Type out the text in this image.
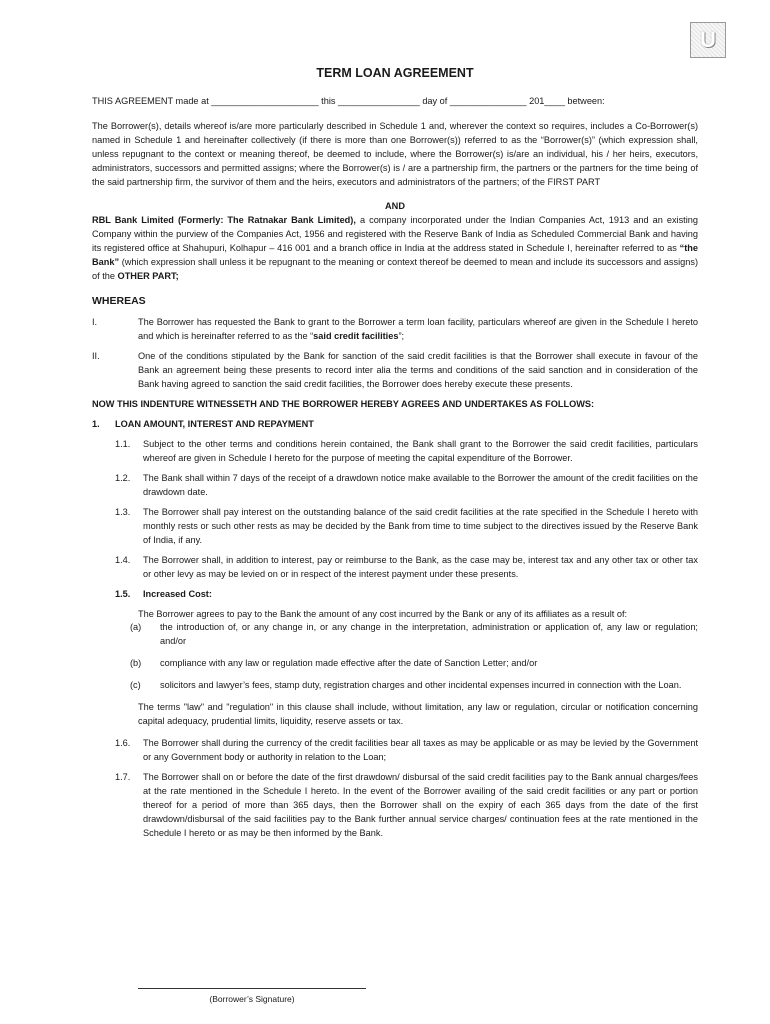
U

TERM LOAN AGREEMENT

THIS AGREEMENT made at _____________________ this ________________ day of _______________ 201____ between:

The Borrower(s), details whereof is/are more particularly described in Schedule 1 and, wherever the context so requires, includes a Co-Borrower(s) named in Schedule 1 and hereinafter collectively (if there is more than one Borrower(s)) referred to as the “Borrower(s)” (which expression shall, unless repugnant to the context or meaning thereof, be deemed to include, where the Borrower(s) is/are an individual, his / her heirs, executors, administrators, successors and permitted assigns; where the Borrower(s) is / are a partnership firm, the partners or the partners for the time being of the said partnership firm, the survivor of them and the heirs, executors and administrators of the partners; of the FIRST PART

AND

RBL Bank Limited (Formerly: The Ratnakar Bank Limited), a company incorporated under the Indian Companies Act, 1913 and an existing Company within the purview of the Companies Act, 1956 and registered with the Reserve Bank of India as Scheduled Commercial Bank and having its registered office at Shahupuri, Kolhapur – 416 001 and a branch office in India at the address stated in Schedule I, hereinafter referred to as “the Bank” (which expression shall unless it be repugnant to the meaning or context thereof be deemed to mean and include its successors and assigns) of the OTHER PART;

WHEREAS

I.	The Borrower has requested the Bank to grant to the Borrower a term loan facility, particulars whereof are given in the Schedule I hereto and which is hereinafter referred to as the “said credit facilities”;
II.	One of the conditions stipulated by the Bank for sanction of the said credit facilities is that the Borrower shall execute in favour of the Bank an agreement being these presents to record inter alia the terms and conditions of the said sanction and in consideration of the Bank having agreed to sanction the said credit facilities, the Borrower does hereby execute these presents.

NOW THIS INDENTURE WITNESSETH AND THE BORROWER HEREBY AGREES AND UNDERTAKES AS FOLLOWS:

1.	LOAN AMOUNT, INTEREST AND REPAYMENT
1.1.	Subject to the other terms and conditions herein contained, the Bank shall grant to the Borrower the said credit facilities, particulars whereof are given in Schedule I hereto for the purpose of meeting the capital expenditure of the Borrower.
1.2.	The Bank shall within 7 days of the receipt of a drawdown notice make available to the Borrower the amount of the credit facilities on the drawdown date.
1.3.	The Borrower shall pay interest on the outstanding balance of the said credit facilities at the rate specified in the Schedule I hereto with monthly rests or such other rests as may be decided by the Bank from time to time subject to the directives issued by the Reserve Bank of India, if any.
1.4.	The Borrower shall, in addition to interest, pay or reimburse to the Bank, as the case may be, interest tax and any other tax or other tax or other levy as may be levied on or in respect of the interest payment under these presents.
1.5.	Increased Cost:

The Borrower agrees to pay to the Bank the amount of any cost incurred by the Bank or any of its affiliates as a result of:

(a)	the introduction of, or any change in, or any change in the interpretation, administration or application of, any law or regulation; and/or
(b)	compliance with any law or regulation made effective after the date of Sanction Letter; and/or
(c)	solicitors and lawyer’s fees, stamp duty, registration charges and other incidental expenses incurred in connection with the Loan.

The terms "law" and "regulation" in this clause shall include, without limitation, any law or regulation, circular or notification concerning capital adequacy, prudential limits, liquidity, reserve assets or tax.

1.6.	The Borrower shall during the currency of the credit facilities bear all taxes as may be applicable or as may be levied by the Government or any Government body or authority in relation to the Loan;
1.7.	The Borrower shall on or before the date of the first drawdown/ disbursal of the said credit facilities pay to the Bank annual charges/fees at the rate mentioned in the Schedule I hereto. In the event of the Borrower availing of the said credit facilities or any part or portion thereof for a period of more than 365 days, then the Borrower shall on the expiry of each 365 days from the date of the first drawdown/disbursal of the said facilities pay to the Bank further annual service charges/ continuation fees at the rate mentioned in the Schedule I hereto or as may be then informed by the Bank.
(Borrower’s Signature)
